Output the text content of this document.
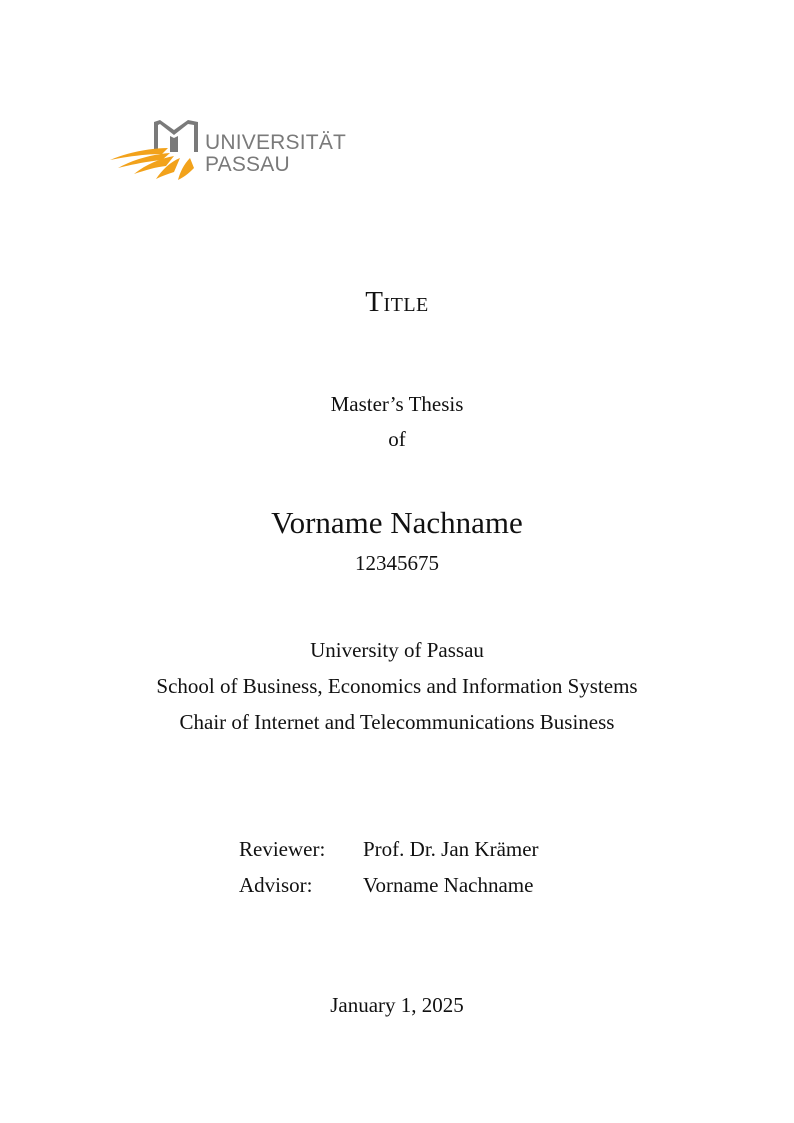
UNIVERSITÄT
PASSAU
Title
Master’s Thesis
of
Vorname Nachname
12345675
University of Passau
School of Business, Economics and Information Systems
Chair of Internet and Telecommunications Business
Reviewer:	Prof. Dr. Jan Krämer
Advisor:	Vorname Nachname
January 1, 2025
